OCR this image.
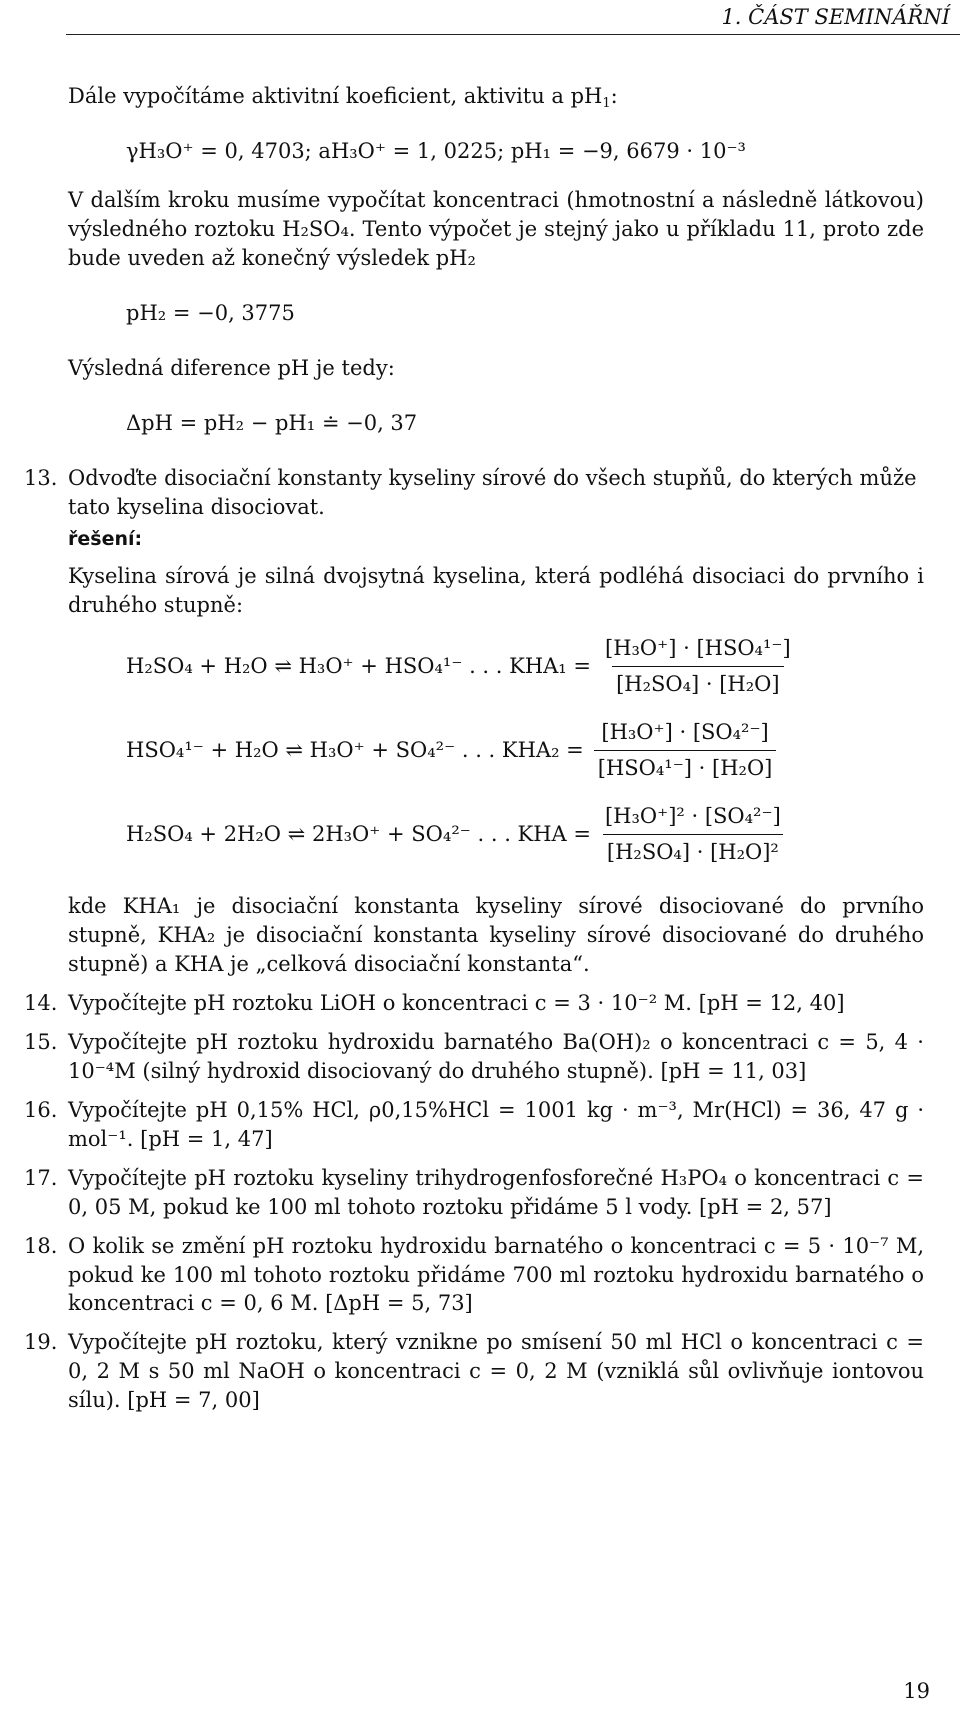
1. ČÁST SEMINÁŘNÍ

Dále vypočítáme aktivitní koeficient, aktivitu a $pH_1$:

γH₃O⁺ = 0, 4703; aH₃O⁺ = 1, 0225; pH₁ = −9, 6679 · 10⁻³

V dalším kroku musíme vypočítat koncentraci (hmotnostní a následně látkovou) výsledného roztoku H₂SO₄. Tento výpočet je stejný jako u příkladu 11, proto zde bude uveden až konečný výsledek pH₂

pH₂ = −0, 3775

Výsledná diference pH je tedy:

ΔpH = pH₂ − pH₁ ≐ −0, 37

13. Odvoďte disociační konstanty kyseliny sírové do všech stupňů, do kterých může tato kyselina disociovat.

řešení:

Kyselina sírová je silná dvojsytná kyselina, která podléhá disociaci do prvního i druhého stupně:

H₂SO₄ + H₂O ⇌ H₃O⁺ + HSO₄¹⁻ . . . $KHA_1 = \frac{\text{[H₃O⁺] · [HSO₄¹⁻]}}{\text{[H₂SO₄] · [H₂O]}}$
HSO₄¹⁻ + H₂O ⇌ H₃O⁺ + SO₄²⁻ . . . $KHA_2 = \frac{\text{[H₃O⁺] · [SO₄²⁻]}}{\text{[HSO₄¹⁻] · [H₂O]}}$
H₂SO₄ + 2H₂O ⇌ 2H₃O⁺ + SO₄²⁻ . . . KHA = $\frac{\text{[H₃O⁺]² · [SO₄²⁻]}}{\text{[H₂SO₄] · [H₂O]²}}$

kde KHA₁ je disociační konstanta kyseliny sírové disociované do prvního stupně, KHA₂ je disociační konstanta kyseliny sírové disociované do druhého stupně) a KHA je „celková disociační konstanta“.

14. Vypočítejte pH roztoku LiOH o koncentraci c = 3 · 10⁻² M. [pH = 12, 40]

15. Vypočítejte pH roztoku hydroxidu barnatého Ba(OH)₂ o koncentraci c = 5, 4 · 10⁻⁴M (silný hydroxid disociovaný do druhého stupně). [pH = 11, 03]

16. Vypočítejte pH 0,15% HCl, ρ0,15%HCl = 1001 kg · m⁻³, Mr(HCl) = 36, 47 g · mol⁻¹. [pH = 1, 47]

17. Vypočítejte pH roztoku kyseliny trihydrogenfosforečné H₃PO₄ o koncentraci c = 0, 05 M, pokud ke 100 ml tohoto roztoku přidáme 5 l vody. [pH = 2, 57]

18. O kolik se změní pH roztoku hydroxidu barnatého o koncentraci c = 5 · 10⁻⁷ M, pokud ke 100 ml tohoto roztoku přidáme 700 ml roztoku hydroxidu barnatého o koncentraci c = 0, 6 M. [ΔpH = 5, 73]

19. Vypočítejte pH roztoku, který vznikne po smísení 50 ml HCl o koncentraci c = 0, 2 M s 50 ml NaOH o koncentraci c = 0, 2 M (vzniklá sůl ovlivňuje iontovou sílu). [pH = 7, 00]

19
